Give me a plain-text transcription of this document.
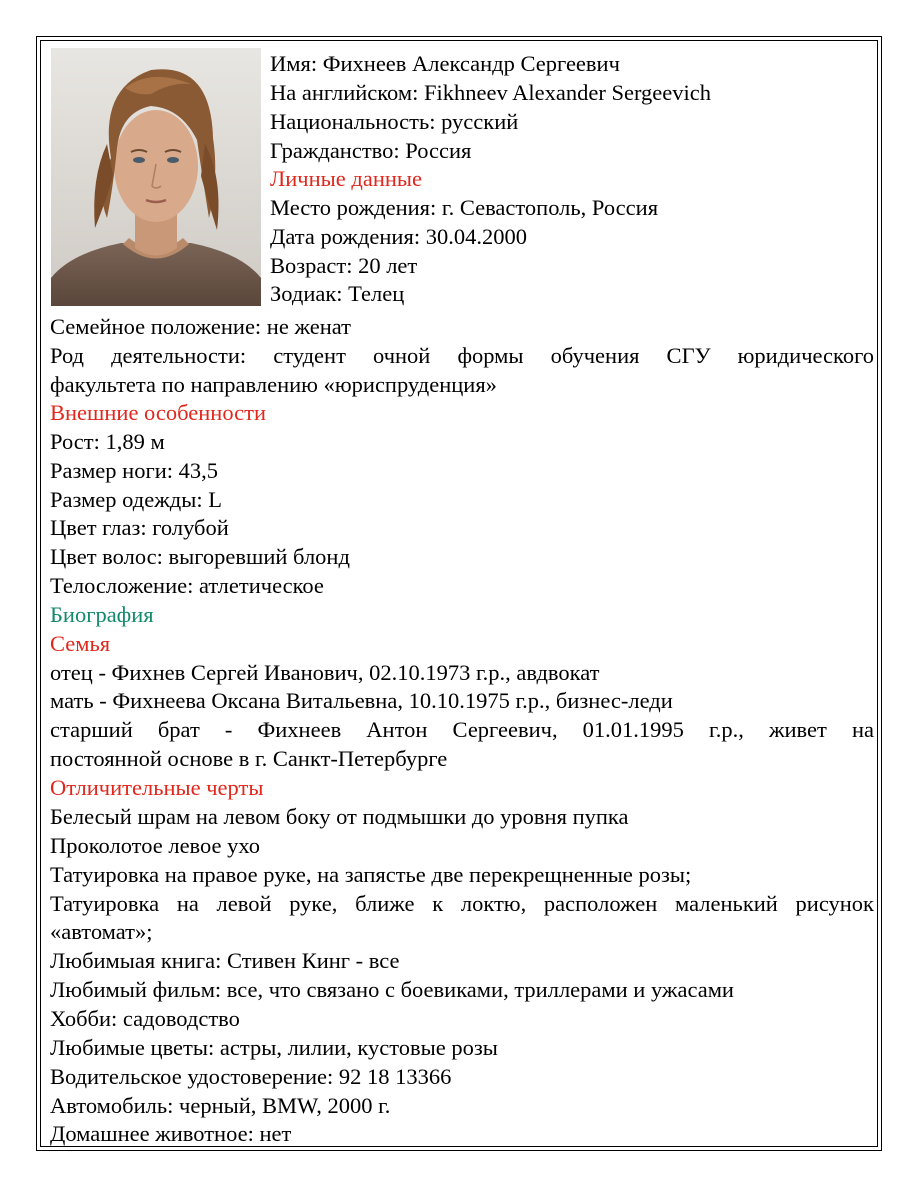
Имя: Фихнеев Александр Сергеевич
На английском: Fikhneev Alexander Sergeevich
Национальность: русский
Гражданство: Россия
Личные данные
Место рождения: г. Севастополь, Россия
Дата рождения: 30.04.2000
Возраст: 20 лет
Зодиак: Телец
Семейное положение: не женат
Род деятельности: студент очной формы обучения СГУ юридического
факультета по направлению «юриспруденция»
Внешние особенности
Рост: 1,89 м
Размер ноги: 43,5
Размер одежды: L
Цвет глаз: голубой
Цвет волос: выгоревший блонд
Телосложение: атлетическое
Биография
Семья
отец - Фихнев Сергей Иванович, 02.10.1973 г.р., авдвокат
мать - Фихнеева Оксана Витальевна, 10.10.1975 г.р., бизнес-леди
старший брат - Фихнеев Антон Сергеевич, 01.01.1995 г.р., живет на
постоянной основе в г. Санкт-Петербурге
Отличительные черты
Белесый шрам на левом боку от подмышки до уровня пупка
Проколотое левое ухо
Татуировка на правое руке, на запястье две перекрещненные розы;
Татуировка на левой руке, ближе к локтю, расположен маленький рисунок
«автомат»;
Любимыая книга: Стивен Кинг - все
Любимый фильм: все, что связано с боевиками, триллерами и ужасами
Хобби: садоводство
Любимые цветы: астры, лилии, кустовые розы
Водительское удостоверение: 92 18 13366
Автомобиль: черный, BMW, 2000 г.
Домашнее животное: нет
